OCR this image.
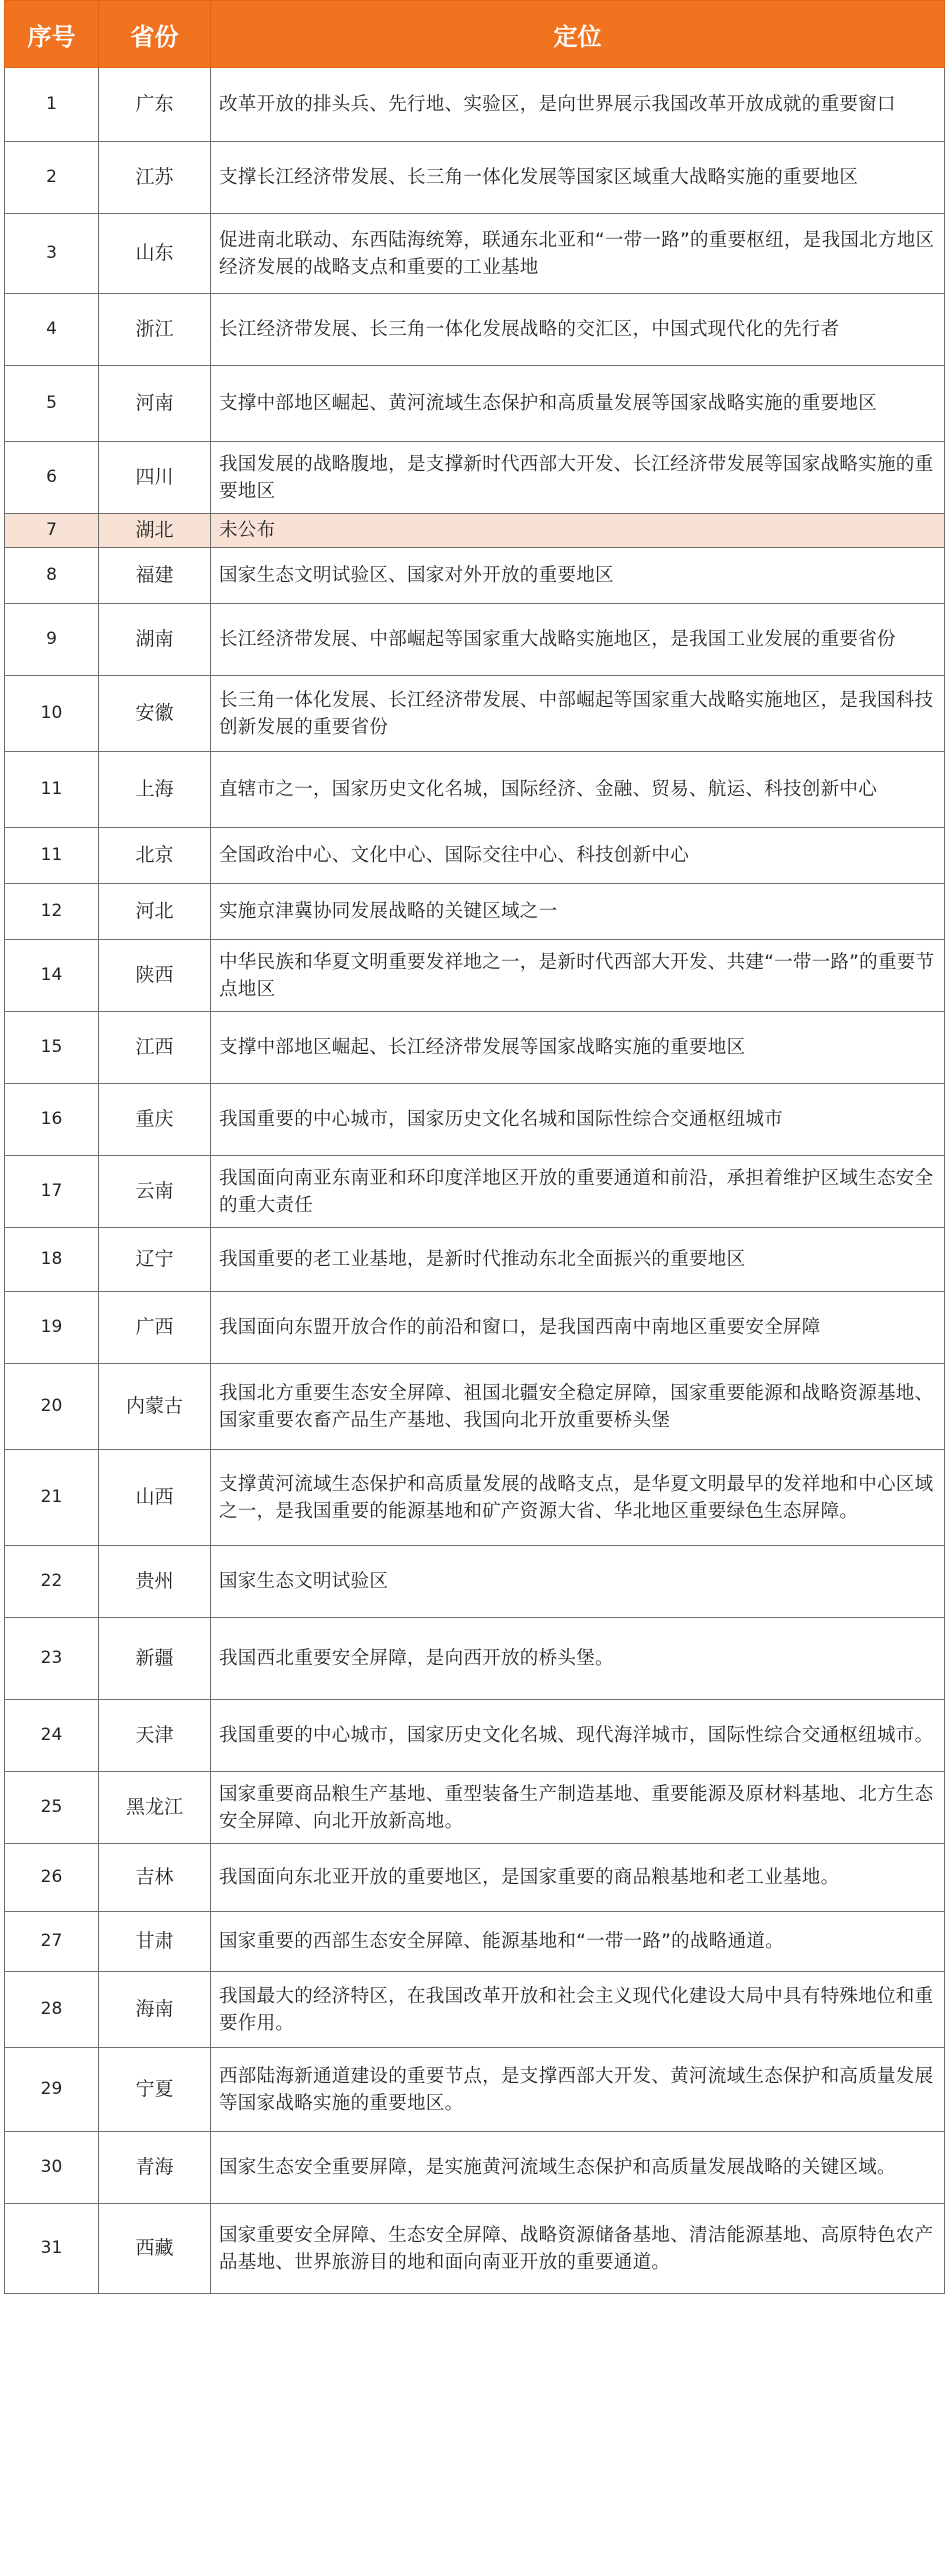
序号	省份	定位
1	广东	改革开放的排头兵、先行地、实验区，是向世界展示我国改革开放成就的重要窗口
2	江苏	支撑长江经济带发展、长三角一体化发展等国家区域重大战略实施的重要地区
3	山东	促进南北联动、东西陆海统筹，联通东北亚和“一带一路”的重要枢纽，是我国北方地区经济发展的战略支点和重要的工业基地
4	浙江	长江经济带发展、长三角一体化发展战略的交汇区，中国式现代化的先行者
5	河南	支撑中部地区崛起、黄河流域生态保护和高质量发展等国家战略实施的重要地区
6	四川	我国发展的战略腹地，是支撑新时代西部大开发、长江经济带发展等国家战略实施的重要地区
7	湖北	未公布
8	福建	国家生态文明试验区、国家对外开放的重要地区
9	湖南	长江经济带发展、中部崛起等国家重大战略实施地区，是我国工业发展的重要省份
10	安徽	长三角一体化发展、长江经济带发展、中部崛起等国家重大战略实施地区，是我国科技创新发展的重要省份
11	上海	直辖市之一，国家历史文化名城，国际经济、金融、贸易、航运、科技创新中心
11	北京	全国政治中心、文化中心、国际交往中心、科技创新中心
12	河北	实施京津冀协同发展战略的关键区域之一
14	陕西	中华民族和华夏文明重要发祥地之一，是新时代西部大开发、共建“一带一路”的重要节点地区
15	江西	支撑中部地区崛起、长江经济带发展等国家战略实施的重要地区
16	重庆	我国重要的中心城市，国家历史文化名城和国际性综合交通枢纽城市
17	云南	我国面向南亚东南亚和环印度洋地区开放的重要通道和前沿，承担着维护区域生态安全的重大责任
18	辽宁	我国重要的老工业基地，是新时代推动东北全面振兴的重要地区
19	广西	我国面向东盟开放合作的前沿和窗口，是我国西南中南地区重要安全屏障
20	内蒙古	我国北方重要生态安全屏障、祖国北疆安全稳定屏障，国家重要能源和战略资源基地、国家重要农畜产品生产基地、我国向北开放重要桥头堡
21	山西	支撑黄河流域生态保护和高质量发展的战略支点，是华夏文明最早的发祥地和中心区域之一，是我国重要的能源基地和矿产资源大省、华北地区重要绿色生态屏障。
22	贵州	国家生态文明试验区
23	新疆	我国西北重要安全屏障，是向西开放的桥头堡。
24	天津	我国重要的中心城市，国家历史文化名城、现代海洋城市，国际性综合交通枢纽城市。
25	黑龙江	国家重要商品粮生产基地、重型装备生产制造基地、重要能源及原材料基地、北方生态安全屏障、向北开放新高地。
26	吉林	我国面向东北亚开放的重要地区，是国家重要的商品粮基地和老工业基地。
27	甘肃	国家重要的西部生态安全屏障、能源基地和“一带一路”的战略通道。
28	海南	我国最大的经济特区，在我国改革开放和社会主义现代化建设大局中具有特殊地位和重要作用。
29	宁夏	西部陆海新通道建设的重要节点，是支撑西部大开发、黄河流域生态保护和高质量发展等国家战略实施的重要地区。
30	青海	国家生态安全重要屏障，是实施黄河流域生态保护和高质量发展战略的关键区域。
31	西藏	国家重要安全屏障、生态安全屏障、战略资源储备基地、清洁能源基地、高原特色农产品基地、世界旅游目的地和面向南亚开放的重要通道。
